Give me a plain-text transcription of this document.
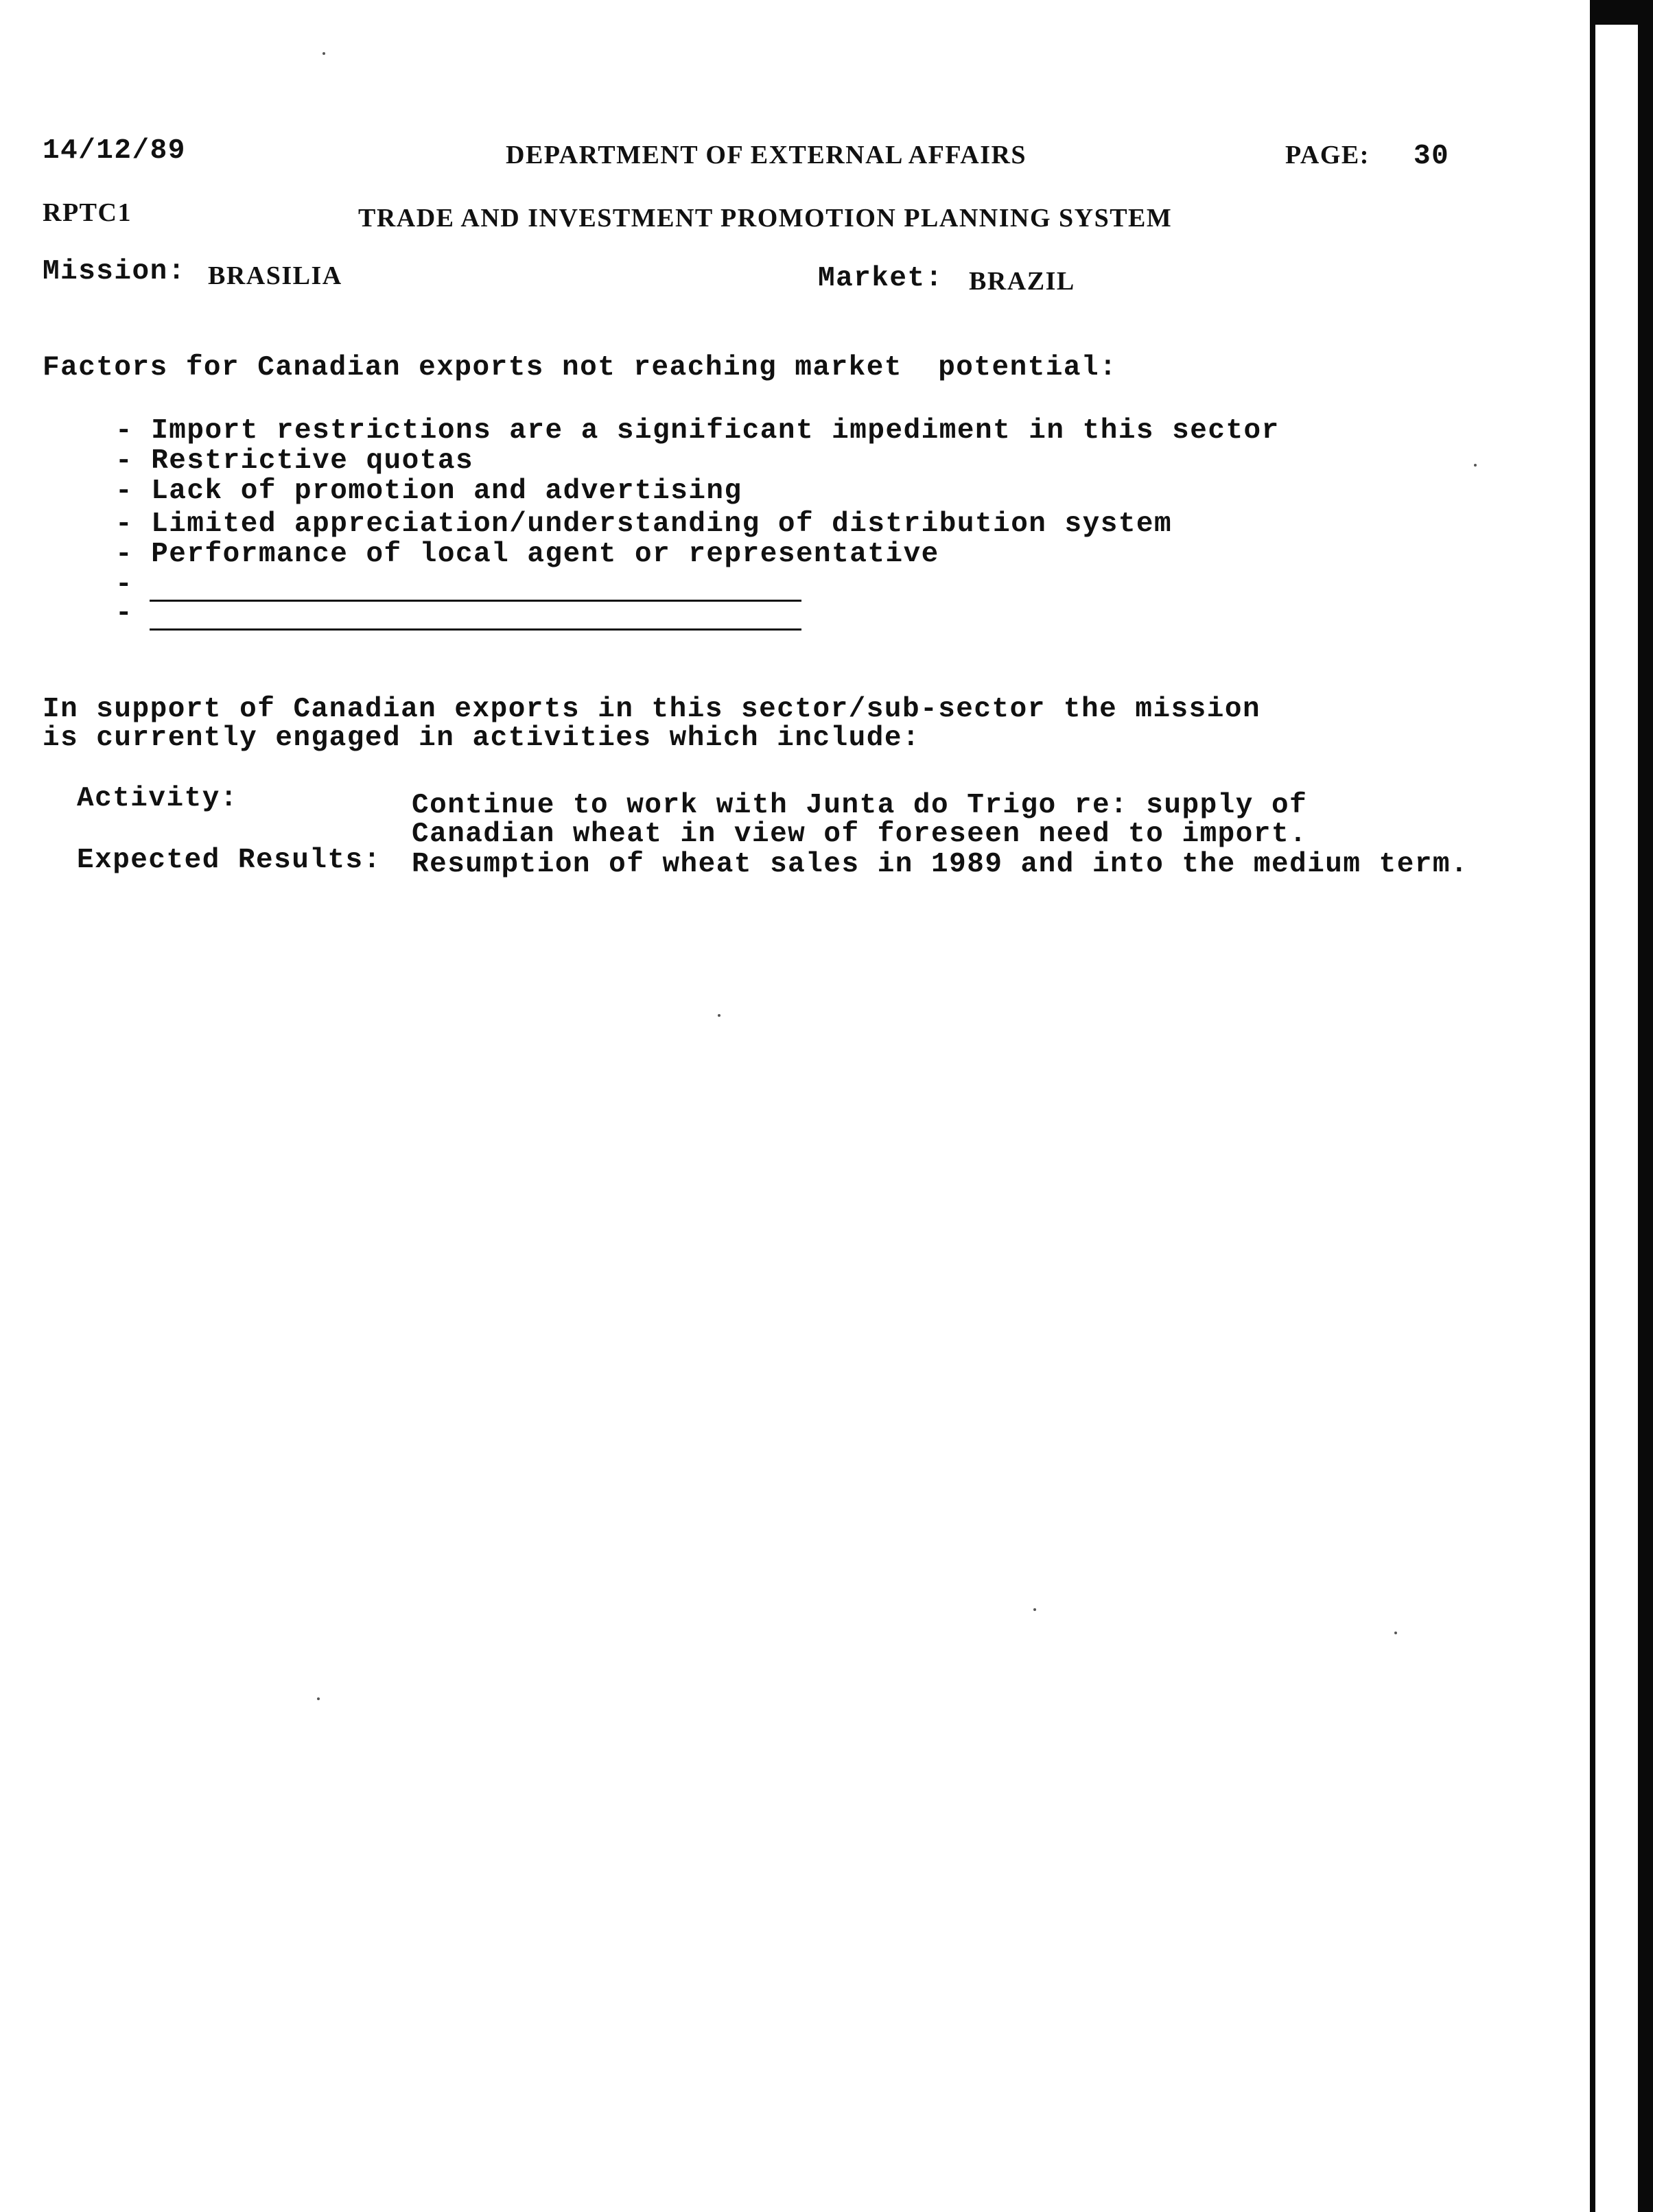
14/12/89	DEPARTMENT OF EXTERNAL AFFAIRS	PAGE: 30
RPTC1	TRADE AND INVESTMENT PROMOTION PLANNING SYSTEM
Mission: BRASILIA	Market: BRAZIL
Factors for Canadian exports not reaching market  potential:
- Import restrictions are a significant impediment in this sector
- Restrictive quotas
- Lack of promotion and advertising
- Limited appreciation/understanding of distribution system
- Performance of local agent or representative
-
-
In support of Canadian exports in this sector/sub-sector the mission
is currently engaged in activities which include:
Activity:	Continue to work with Junta do Trigo re: supply of
Canadian wheat in view of foreseen need to import.
Expected Results: Resumption of wheat sales in 1989 and into the medium term.
